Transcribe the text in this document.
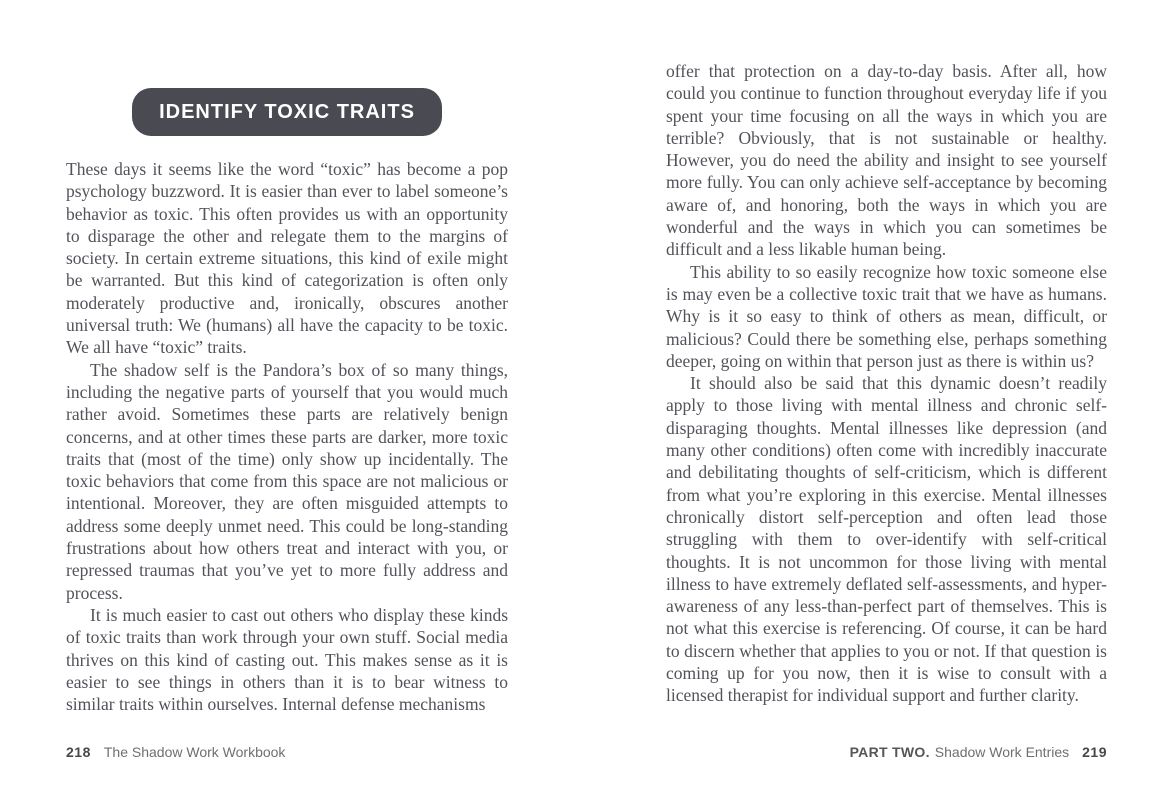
IDENTIFY TOXIC TRAITS

These days it seems like the word “toxic” has become a pop psychology buzzword. It is easier than ever to label someone’s behavior as toxic. This often provides us with an opportunity to disparage the other and relegate them to the margins of society. In certain extreme situations, this kind of exile might be warranted. But this kind of categorization is often only moderately productive and, ironically, obscures another universal truth: We (humans) all have the capacity to be toxic. We all have “toxic” traits.

The shadow self is the Pandora’s box of so many things, including the negative parts of yourself that you would much rather avoid. Sometimes these parts are relatively benign concerns, and at other times these parts are darker, more toxic traits that (most of the time) only show up incidentally. The toxic behaviors that come from this space are not malicious or intentional. Moreover, they are often misguided attempts to address some deeply unmet need. This could be long-standing frustrations about how others treat and interact with you, or repressed traumas that you’ve yet to more fully address and process.

It is much easier to cast out others who display these kinds of toxic traits than work through your own stuff. Social media thrives on this kind of casting out. This makes sense as it is easier to see things in others than it is to bear witness to similar traits within ourselves. Internal defense mechanisms

218 The Shadow Work Workbook

offer that protection on a day-to-day basis. After all, how could you continue to function throughout everyday life if you spent your time focusing on all the ways in which you are terrible? Obviously, that is not sustainable or healthy. However, you do need the ability and insight to see yourself more fully. You can only achieve self-acceptance by becoming aware of, and honoring, both the ways in which you are wonderful and the ways in which you can sometimes be difficult and a less likable human being.

This ability to so easily recognize how toxic someone else is may even be a collective toxic trait that we have as humans. Why is it so easy to think of others as mean, difficult, or malicious? Could there be something else, perhaps something deeper, going on within that person just as there is within us?

It should also be said that this dynamic doesn’t readily apply to those living with mental illness and chronic self-disparaging thoughts. Mental illnesses like depression (and many other conditions) often come with incredibly inaccurate and debilitating thoughts of self-criticism, which is different from what you’re exploring in this exercise. Mental illnesses chronically distort self-perception and often lead those struggling with them to over-identify with self-critical thoughts. It is not uncommon for those living with mental illness to have extremely deflated self-assessments, and hyper-awareness of any less-than-perfect part of themselves. This is not what this exercise is referencing. Of course, it can be hard to discern whether that applies to you or not. If that question is coming up for you now, then it is wise to consult with a licensed therapist for individual support and further clarity.

PART TWO. Shadow Work Entries 219
